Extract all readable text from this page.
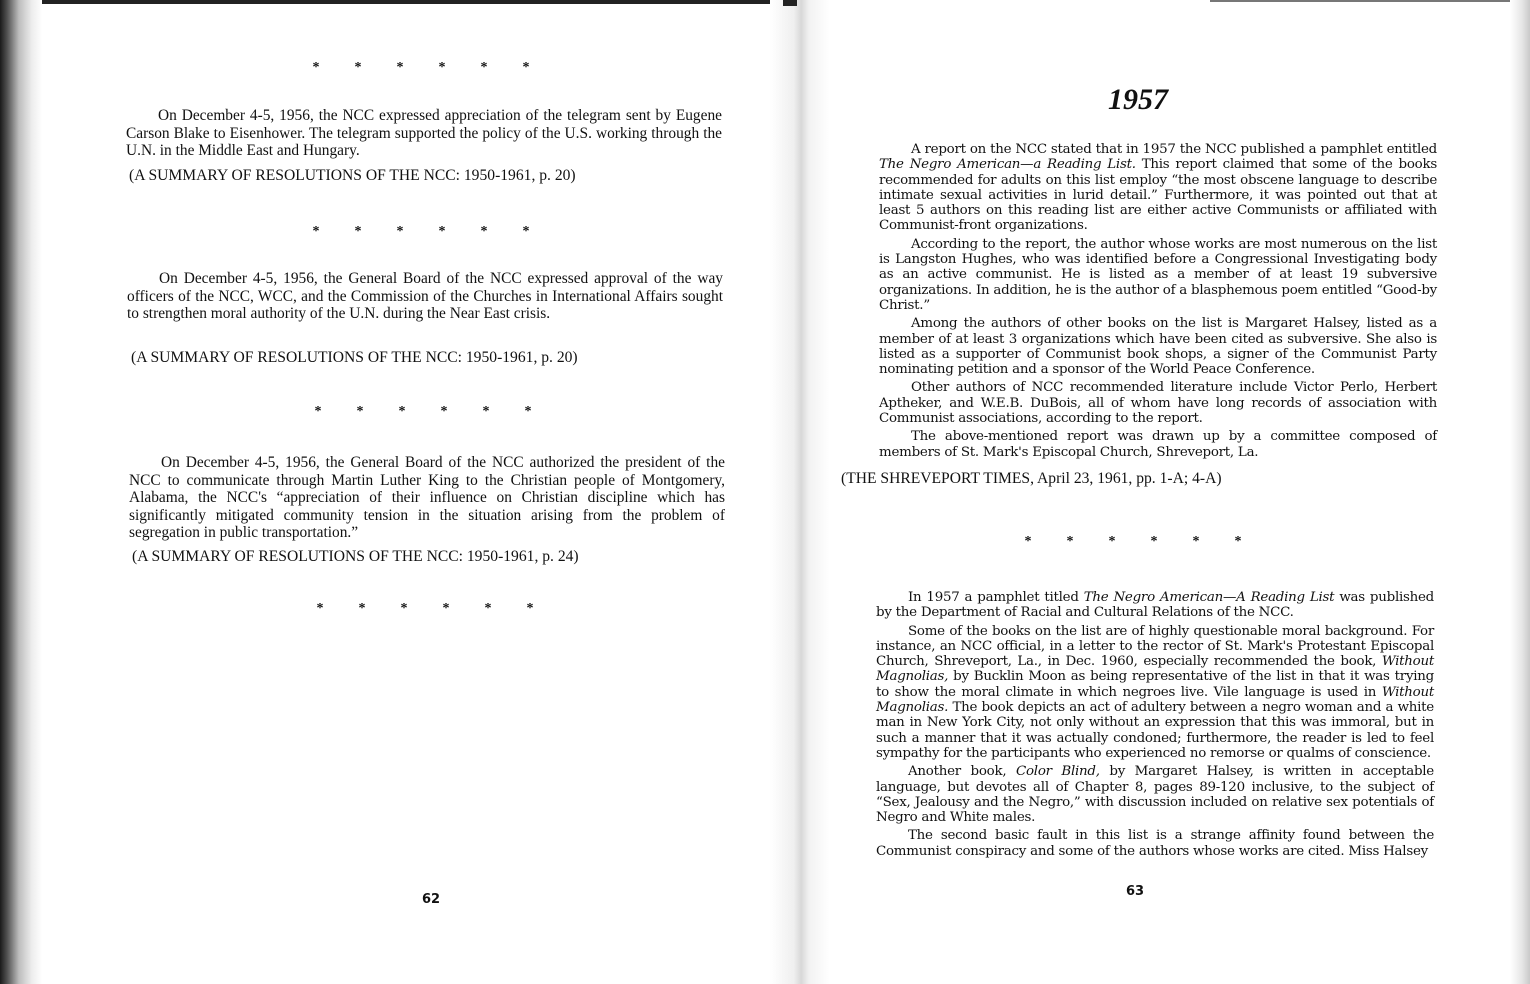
*	*	*	*	*	*

On December 4-5, 1956, the NCC expressed appreciation of the telegram sent by Eugene Carson Blake to Eisenhower. The telegram supported the policy of the U.S. working through the U.N. in the Middle East and Hungary.

(A SUMMARY OF RESOLUTIONS OF THE NCC: 1950-1961, p. 20)

*	*	*	*	*	*

On December 4-5, 1956, the General Board of the NCC expressed approval of the way officers of the NCC, WCC, and the Commission of the Churches in International Affairs sought to strengthen moral authority of the U.N. during the Near East crisis.

(A SUMMARY OF RESOLUTIONS OF THE NCC: 1950-1961, p. 20)

*	*	*	*	*	*

On December 4-5, 1956, the General Board of the NCC authorized the president of the NCC to communicate through Martin Luther King to the Christian people of Montgomery, Alabama, the NCC's “appreciation of their influence on Christian discipline which has significantly mitigated community tension in the situation arising from the problem of segregation in public transportation.”

(A SUMMARY OF RESOLUTIONS OF THE NCC: 1950-1961, p. 24)

*	*	*	*	*	*

62

1957

A report on the NCC stated that in 1957 the NCC published a pamphlet entitled The Negro American—a Reading List. This report claimed that some of the books recommended for adults on this list employ “the most obscene language to describe intimate sexual activities in lurid detail.” Furthermore, it was pointed out that at least 5 authors on this reading list are either active Communists or affiliated with Communist-front organizations.

According to the report, the author whose works are most numerous on the list is Langston Hughes, who was identified before a Congressional Investigating body as an active communist. He is listed as a member of at least 19 subversive organizations. In addition, he is the author of a blasphemous poem entitled “Good-by Christ.”

Among the authors of other books on the list is Margaret Halsey, listed as a member of at least 3 organizations which have been cited as subversive. She also is listed as a supporter of Communist book shops, a signer of the Communist Party nominating petition and a sponsor of the World Peace Conference.

Other authors of NCC recommended literature include Victor Perlo, Herbert Aptheker, and W.E.B. DuBois, all of whom have long records of association with Communist associations, according to the report.

The above-mentioned report was drawn up by a committee composed of members of St. Mark's Episcopal Church, Shreveport, La.

(THE SHREVEPORT TIMES, April 23, 1961, pp. 1-A; 4-A)

*	*	*	*	*	*

In 1957 a pamphlet titled The Negro American—A Reading List was published by the Department of Racial and Cultural Relations of the NCC.

Some of the books on the list are of highly questionable moral background. For instance, an NCC official, in a letter to the rector of St. Mark's Protestant Episcopal Church, Shreveport, La., in Dec. 1960, especially recommended the book, Without Magnolias, by Bucklin Moon as being representative of the list in that it was trying to show the moral climate in which negroes live. Vile language is used in Without Magnolias. The book depicts an act of adultery between a negro woman and a white man in New York City, not only without an expression that this was immoral, but in such a manner that it was actually condoned; furthermore, the reader is led to feel sympathy for the participants who experienced no remorse or qualms of conscience.

Another book, Color Blind, by Margaret Halsey, is written in acceptable language, but devotes all of Chapter 8, pages 89-120 inclusive, to the subject of “Sex, Jealousy and the Negro,” with discussion included on relative sex potentials of Negro and White males.

The second basic fault in this list is a strange affinity found between the Communist conspiracy and some of the authors whose works are cited. Miss Halsey

63
